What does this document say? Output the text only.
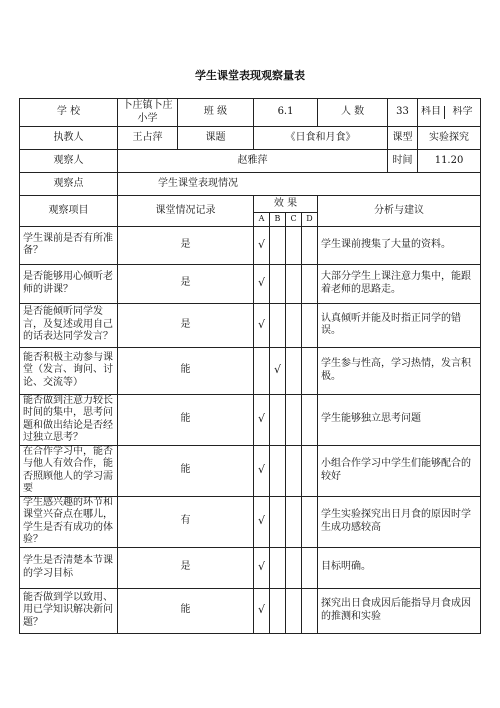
学生课堂表现观察量表
学 校	卜庄镇卜庄小学	班 级	6.1	人 数	33	科目	科学

执教人	王占萍	课题	《日食和月食》	课型	实验探究
观察人	赵雅萍	时间	11.20
观察点	学生课堂表现情况
观察项目	课堂情况记录	效 果	分析与建议
A	B	C	D
学生课前是否有所准备？	是	√				学生课前搜集了大量的资料。
是否能够用心倾听老师的讲课？	是	√				大部分学生上课注意力集中，能跟着老师的思路走。
是否能倾听同学发言，及复述或用自己的话表达同学发言？	是	√				认真倾听并能及时指正同学的错误。
能否积极主动参与课堂（发言、询问、讨论、交流等）	能		√			学生参与性高，学习热情，发言积极。
能否做到注意力较长时间的集中，思考问题和做出结论是否经过独立思考？	能	√				学生能够独立思考问题
在合作学习中，能否与他人有效合作，能否照顾他人的学习需要	能	√				小组合作学习中学生们能够配合的较好
学生感兴趣的环节和课堂兴奋点在哪儿，学生是否有成功的体验？	有	√				学生实验探究出日月食的原因时学生成功感较高
学生是否清楚本节课的学习目标	是	√				目标明确。
能否做到学以致用、用已学知识解决新问题？	能	√				探究出日食成因后能指导月食成因的推测和实验
